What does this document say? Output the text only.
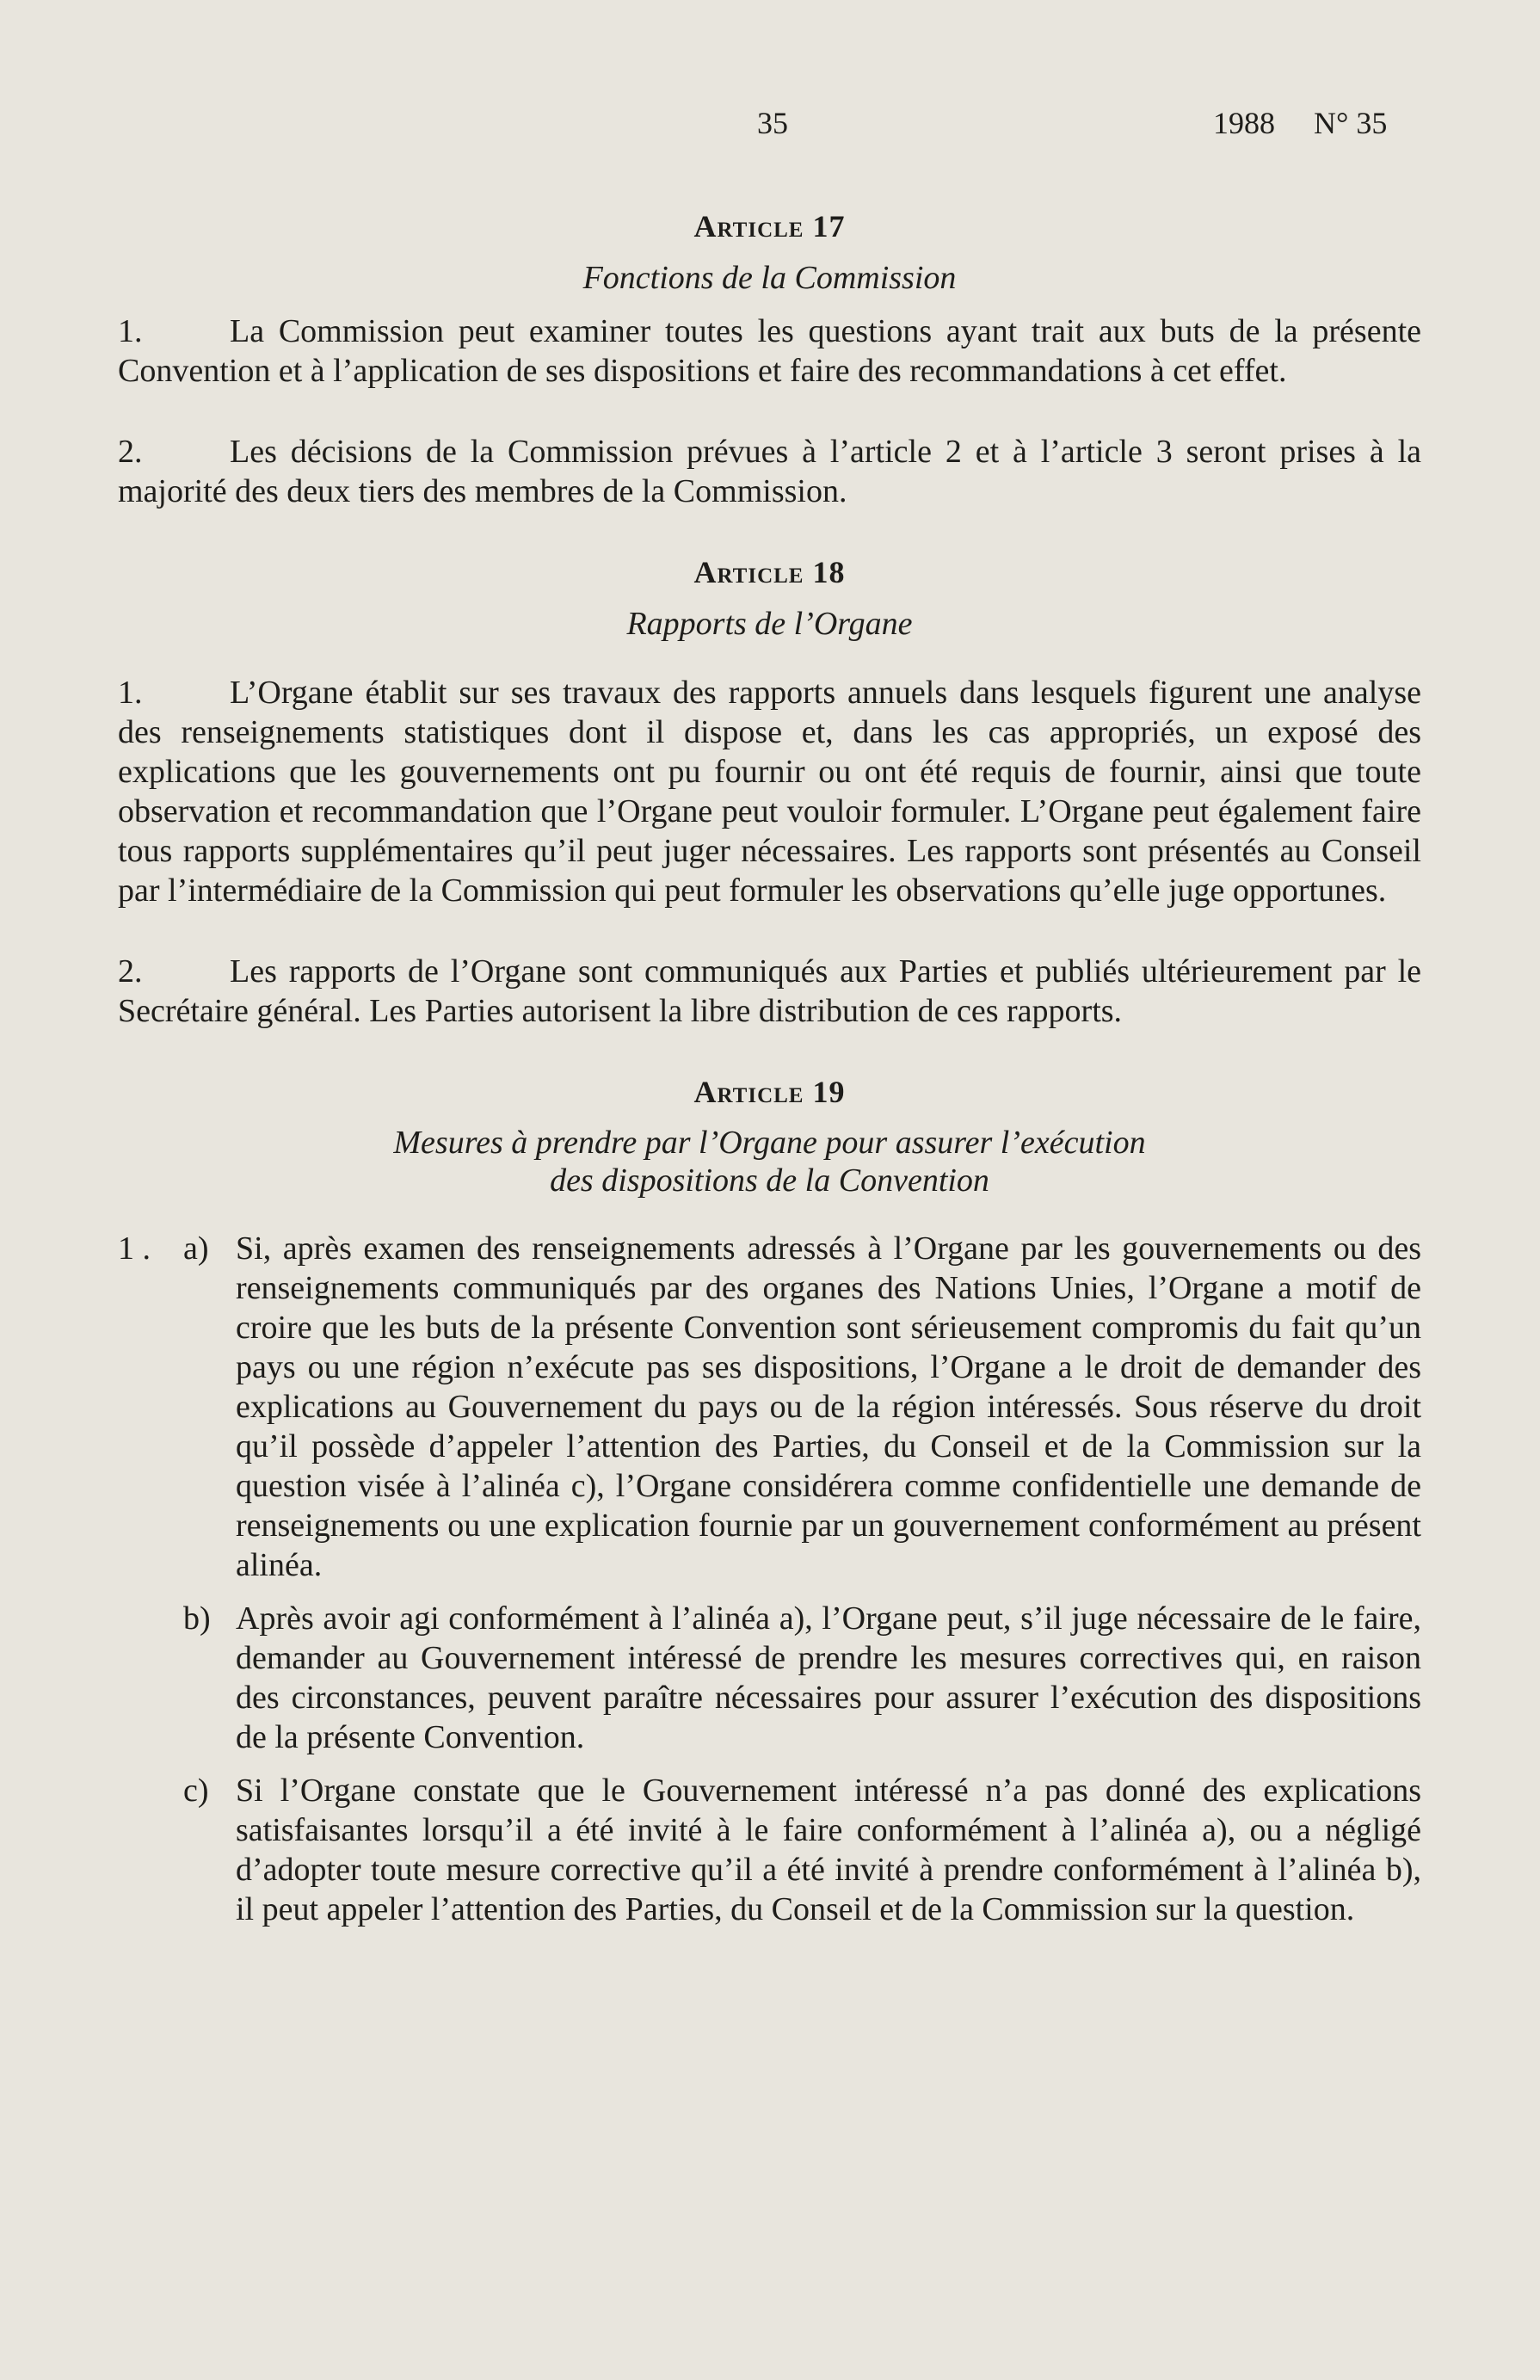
35	1988     N° 35
Article 17
Fonctions de la Commission

1.	La Commission peut examiner toutes les questions ayant trait aux buts de la présente Convention et à l’application de ses dispositions et faire des recommandations à cet effet.

2.	Les décisions de la Commission prévues à l’article 2 et à l’article 3 seront prises à la majorité des deux tiers des membres de la Commission.

Article 18
Rapports de l’Organe

1.	L’Organe établit sur ses travaux des rapports annuels dans lesquels figurent une analyse des renseignements statistiques dont il dispose et, dans les cas appropriés, un exposé des explications que les gouvernements ont pu fournir ou ont été requis de fournir, ainsi que toute observation et recommandation que l’Organe peut vouloir formuler. L’Organe peut également faire tous rapports supplémentaires qu’il peut juger nécessaires. Les rapports sont présentés au Conseil par l’intermédiaire de la Commission qui peut formuler les observations qu’elle juge opportunes.

2.	Les rapports de l’Organe sont communiqués aux Parties et publiés ultérieurement par le Secrétaire général. Les Parties autorisent la libre distribution de ces rapports.

Article 19
Mesures à prendre par l’Organe pour assurer l’exécution
des dispositions de la Convention
1 . a) Si, après examen des renseignements adressés à l’Organe par les gouvernements ou des renseignements communiqués par des organes des Nations Unies, l’Organe a motif de croire que les buts de la présente Convention sont sérieusement compromis du fait qu’un pays ou une région n’exécute pas ses dispositions, l’Organe a le droit de demander des explications au Gouvernement du pays ou de la région intéressés. Sous réserve du droit qu’il possède d’appeler l’attention des Parties, du Conseil et de la Commission sur la question visée à l’alinéa c), l’Organe considérera comme confidentielle une demande de renseignements ou une explication fournie par un gouvernement conformément au présent alinéa.
b) Après avoir agi conformément à l’alinéa a), l’Organe peut, s’il juge nécessaire de le faire, demander au Gouvernement intéressé de prendre les mesures correctives qui, en raison des circonstances, peuvent paraître nécessaires pour assurer l’exécution des dispositions de la présente Convention.
c) Si l’Organe constate que le Gouvernement intéressé n’a pas donné des explications satisfaisantes lorsqu’il a été invité à le faire conformément à l’alinéa a), ou a négligé d’adopter toute mesure corrective qu’il a été invité à prendre conformément à l’alinéa b), il peut appeler l’attention des Parties, du Conseil et de la Commission sur la question.
